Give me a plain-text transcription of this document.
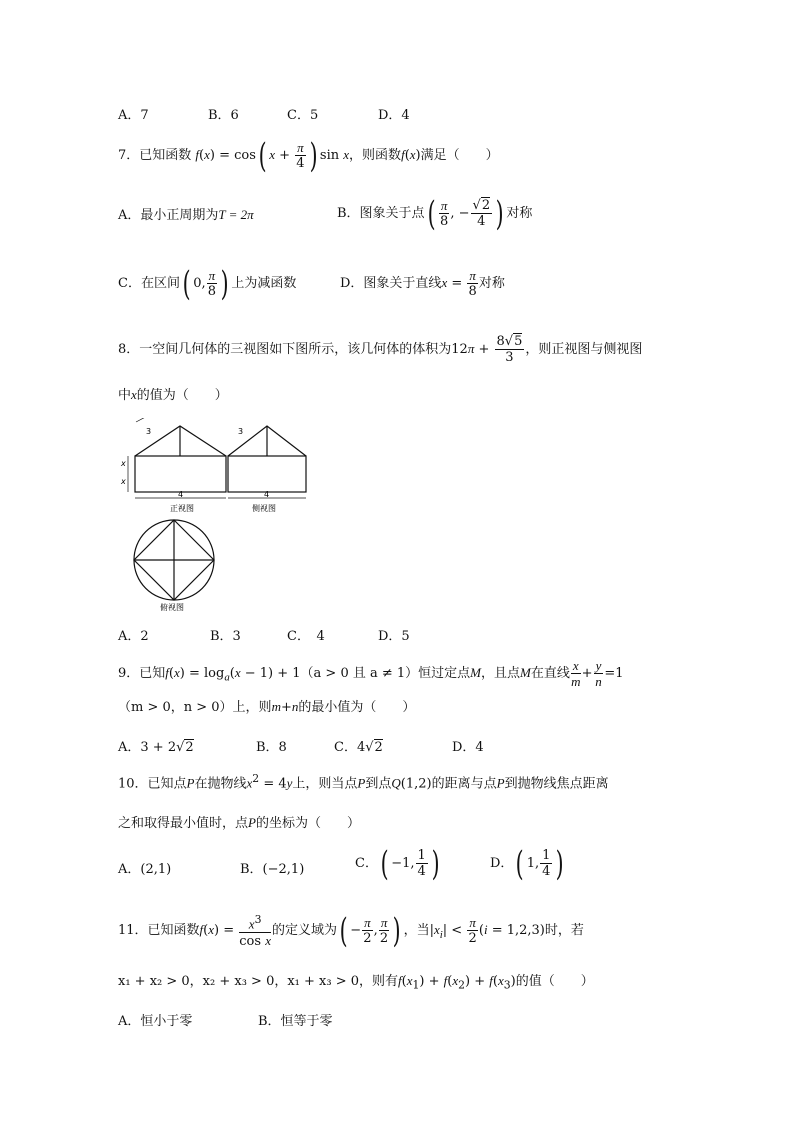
A．7	B．6	C．5	D．4
7．已知函数 f(x) = cos( $x + \frac{\pi}{4}$ ) sin x，则函数f(x)满足（　　）
A．最小正周期为T = 2π	B．图象关于点( $\frac{\pi}{8}$ , − $\frac{√2}{4}$ ) 对称
C．在区间( 0, $\frac{\pi}{8}$ ) 上为减函数	D．图象关于直线$x = \frac{\pi}{8}$ 对称
8．一空间几何体的三视图如下图所示，该几何体的体积为$12\pi + \frac{8√5}{3}$ ，则正视图与侧视图
中x的值为（　　）
3
x
x
4
正视图
3
4
侧视图
俯视图
A．2	B．3	C．　4	D．5
9．已知$f(x) = \log_a(x - 1) + 1(a > 0$ 且 a ≠ 1）恒过定点M，且点M在直线 $\frac{x}{m} + \frac{y}{n} =1$
（m > 0，n > 0）上，则m+n的最小值为（　　）
A．3 + 2√2	B．8	C．4√2	D．4
10．已知点P在抛物线$x^2 = 4y$上，则当点P到点Q(1,2)的距离与点P到抛物线焦点距离
之和取得最小值时，点P的坐标为（　　）
A．(2,1)	B．(−2,1)	C．( −1, $\frac{1}{4}$ )	D．( 1, $\frac{1}{4}$ )
11．已知函数$f(x) = \frac{x^3}{\text{cos x}}$ 的定义域为( − $\frac{\pi}{2}$ , $\frac{\pi}{2}$ ) ，当$|x_i| < \frac{\pi}{2} (i = 1,2,3)$时，若
x₁ + x₂ > 0，x₂ + x₃ > 0，x₁ + x₃ > 0，则有$f(x_1) + f(x_2) + f(x_3)$的值（　　）
A．恒小于零	B．恒等于零
